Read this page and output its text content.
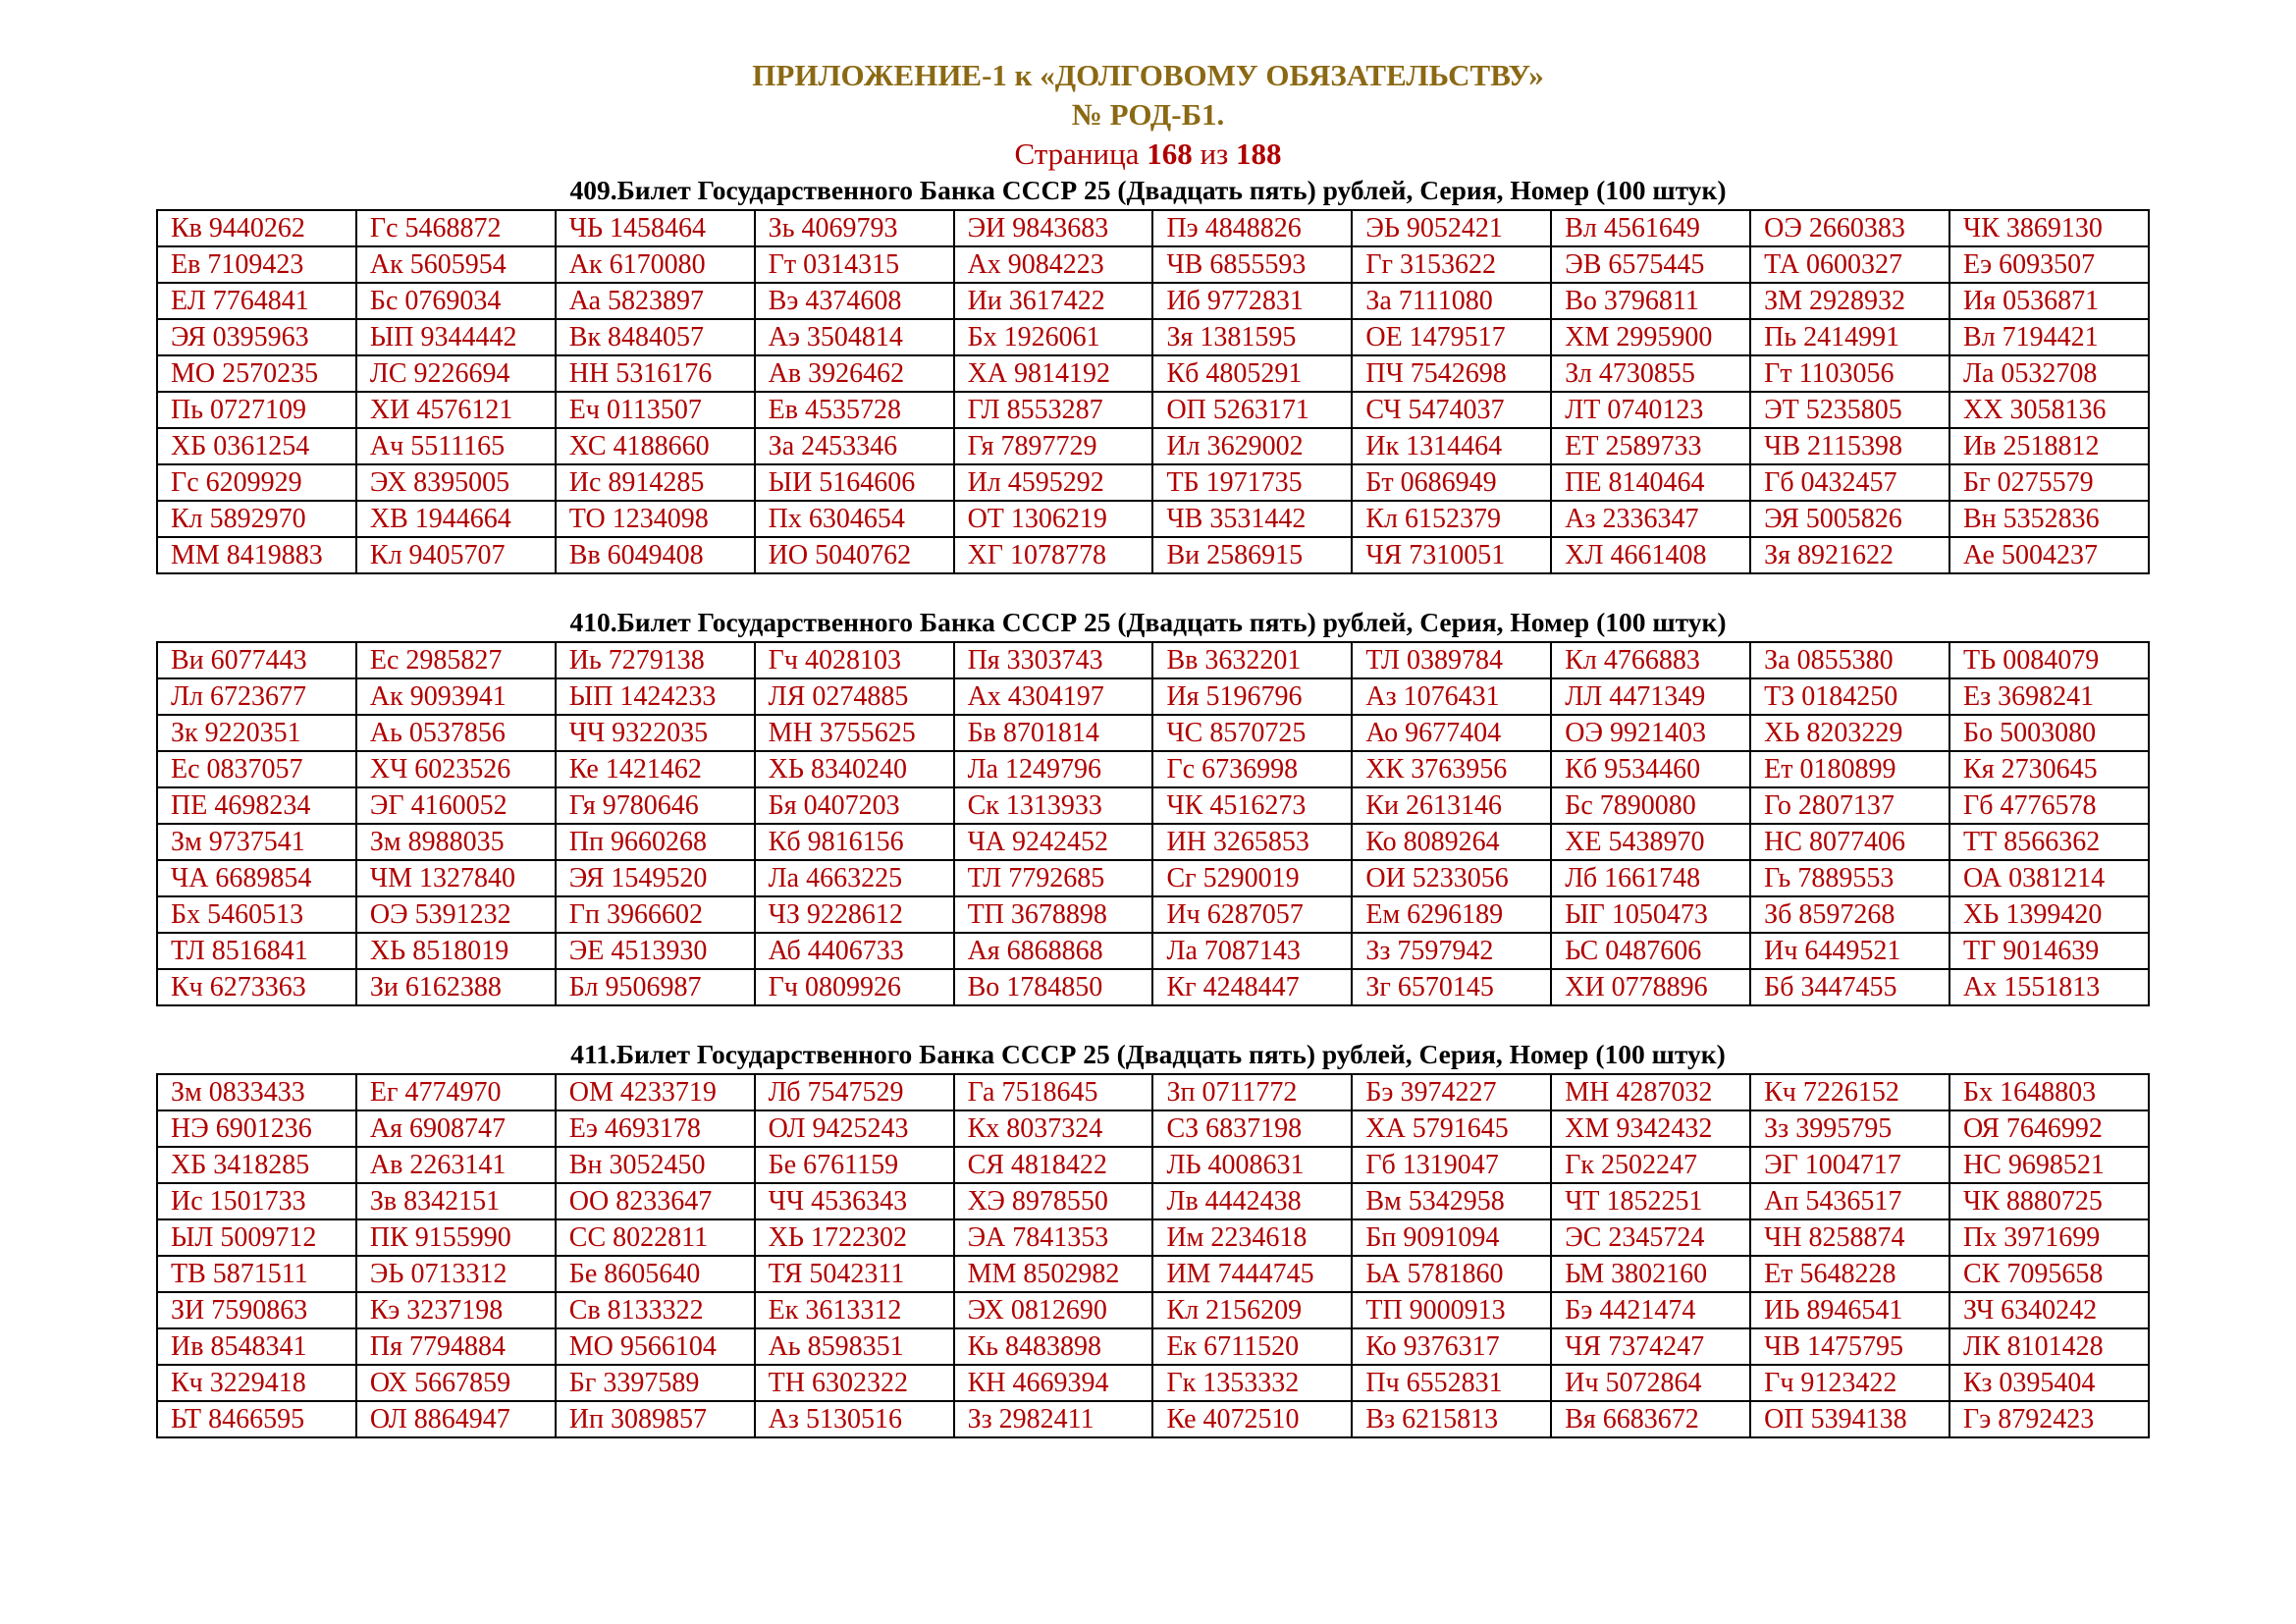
ПРИЛОЖЕНИЕ-1 к «ДОЛГОВОМУ ОБЯЗАТЕЛЬСТВУ»
№ РОД-Б1.
Страница 168 из 188
409.Билет Государственного Банка СССР 25 (Двадцать пять) рублей, Серия, Номер (100 штук)
Кв 9440262	Гс 5468872	ЧЬ 1458464	Зь 4069793	ЭИ 9843683	Пэ 4848826	ЭЬ 9052421	Вл 4561649	ОЭ 2660383	ЧК 3869130
Ев 7109423	Ак 5605954	Ак 6170080	Гт 0314315	Ах 9084223	ЧВ 6855593	Гг 3153622	ЭВ 6575445	ТА 0600327	Еэ 6093507
ЕЛ 7764841	Бс 0769034	Аа 5823897	Вэ 4374608	Ии 3617422	Иб 9772831	За 7111080	Во 3796811	ЗМ 2928932	Ия 0536871
ЭЯ 0395963	ЫП 9344442	Вк 8484057	Аэ 3504814	Бх 1926061	Зя 1381595	ОЕ 1479517	ХМ 2995900	Пь 2414991	Вл 7194421
МО 2570235	ЛС 9226694	НН 5316176	Ав 3926462	ХА 9814192	Кб 4805291	ПЧ 7542698	Зл 4730855	Гт 1103056	Ла 0532708
Пь 0727109	ХИ 4576121	Еч 0113507	Ев 4535728	ГЛ 8553287	ОП 5263171	СЧ 5474037	ЛТ 0740123	ЭТ 5235805	ХХ 3058136
ХБ 0361254	Ач 5511165	ХС 4188660	За 2453346	Гя 7897729	Ил 3629002	Ик 1314464	ЕТ 2589733	ЧВ 2115398	Ив 2518812
Гс 6209929	ЭХ 8395005	Ис 8914285	ЫИ 5164606	Ил 4595292	ТБ 1971735	Бт 0686949	ПЕ 8140464	Гб 0432457	Бг 0275579
Кл 5892970	ХВ 1944664	ТО 1234098	Пх 6304654	ОТ 1306219	ЧВ 3531442	Кл 6152379	Аз 2336347	ЭЯ 5005826	Вн 5352836
ММ 8419883	Кл 9405707	Вв 6049408	ИО 5040762	ХГ 1078778	Ви 2586915	ЧЯ 7310051	ХЛ 4661408	Зя 8921622	Ае 5004237
410.Билет Государственного Банка СССР 25 (Двадцать пять) рублей, Серия, Номер (100 штук)
Ви 6077443	Ес 2985827	Иь 7279138	Гч 4028103	Пя 3303743	Вв 3632201	ТЛ 0389784	Кл 4766883	За 0855380	ТЬ 0084079
Лл 6723677	Ак 9093941	ЫП 1424233	ЛЯ 0274885	Ах 4304197	Ия 5196796	Аз 1076431	ЛЛ 4471349	ТЗ 0184250	Ез 3698241
Зк 9220351	Аь 0537856	ЧЧ 9322035	МН 3755625	Бв 8701814	ЧС 8570725	Ао 9677404	ОЭ 9921403	ХЬ 8203229	Бо 5003080
Ес 0837057	ХЧ 6023526	Ке 1421462	ХЬ 8340240	Ла 1249796	Гс 6736998	ХК 3763956	Кб 9534460	Ет 0180899	Кя 2730645
ПЕ 4698234	ЭГ 4160052	Гя 9780646	Бя 0407203	Ск 1313933	ЧК 4516273	Ки 2613146	Бс 7890080	Го 2807137	Гб 4776578
Зм 9737541	Зм 8988035	Пп 9660268	Кб 9816156	ЧА 9242452	ИН 3265853	Ко 8089264	ХЕ 5438970	НС 8077406	ТТ 8566362
ЧА 6689854	ЧМ 1327840	ЭЯ 1549520	Ла 4663225	ТЛ 7792685	Сг 5290019	ОИ 5233056	Лб 1661748	Гь 7889553	ОА 0381214
Бх 5460513	ОЭ 5391232	Гп 3966602	ЧЗ 9228612	ТП 3678898	Ич 6287057	Ем 6296189	ЫГ 1050473	Зб 8597268	ХЬ 1399420
ТЛ 8516841	ХЬ 8518019	ЭЕ 4513930	Аб 4406733	Ая 6868868	Ла 7087143	Зз 7597942	ЬС 0487606	Ич 6449521	ТГ 9014639
Кч 6273363	Зи 6162388	Бл 9506987	Гч 0809926	Во 1784850	Кг 4248447	Зг 6570145	ХИ 0778896	Бб 3447455	Ах 1551813
411.Билет Государственного Банка СССР 25 (Двадцать пять) рублей, Серия, Номер (100 штук)
Зм 0833433	Ег 4774970	ОМ 4233719	Лб 7547529	Га 7518645	Зп 0711772	Бэ 3974227	МН 4287032	Кч 7226152	Бх 1648803
НЭ 6901236	Ая 6908747	Еэ 4693178	ОЛ 9425243	Кх 8037324	СЗ 6837198	ХА 5791645	ХМ 9342432	Зз 3995795	ОЯ 7646992
ХБ 3418285	Ав 2263141	Вн 3052450	Бе 6761159	СЯ 4818422	ЛЬ 4008631	Гб 1319047	Гк 2502247	ЭГ 1004717	НС 9698521
Ис 1501733	Зв 8342151	ОО 8233647	ЧЧ 4536343	ХЭ 8978550	Лв 4442438	Вм 5342958	ЧТ 1852251	Ап 5436517	ЧК 8880725
ЫЛ 5009712	ПК 9155990	СС 8022811	ХЬ 1722302	ЭА 7841353	Им 2234618	Бп 9091094	ЭС 2345724	ЧН 8258874	Пх 3971699
ТВ 5871511	ЭЬ 0713312	Бе 8605640	ТЯ 5042311	ММ 8502982	ИМ 7444745	ЬА 5781860	ЬМ 3802160	Ет 5648228	СК 7095658
ЗИ 7590863	Кэ 3237198	Св 8133322	Ек 3613312	ЭХ 0812690	Кл 2156209	ТП 9000913	Бэ 4421474	ИЬ 8946541	ЗЧ 6340242
Ив 8548341	Пя 7794884	МО 9566104	Аь 8598351	Кь 8483898	Ек 6711520	Ко 9376317	ЧЯ 7374247	ЧВ 1475795	ЛК 8101428
Кч 3229418	ОХ 5667859	Бг 3397589	ТН 6302322	КН 4669394	Гк 1353332	Пч 6552831	Ич 5072864	Гч 9123422	Кз 0395404
ЬТ 8466595	ОЛ 8864947	Ип 3089857	Аз 5130516	Зз 2982411	Ке 4072510	Вз 6215813	Вя 6683672	ОП 5394138	Гэ 8792423
